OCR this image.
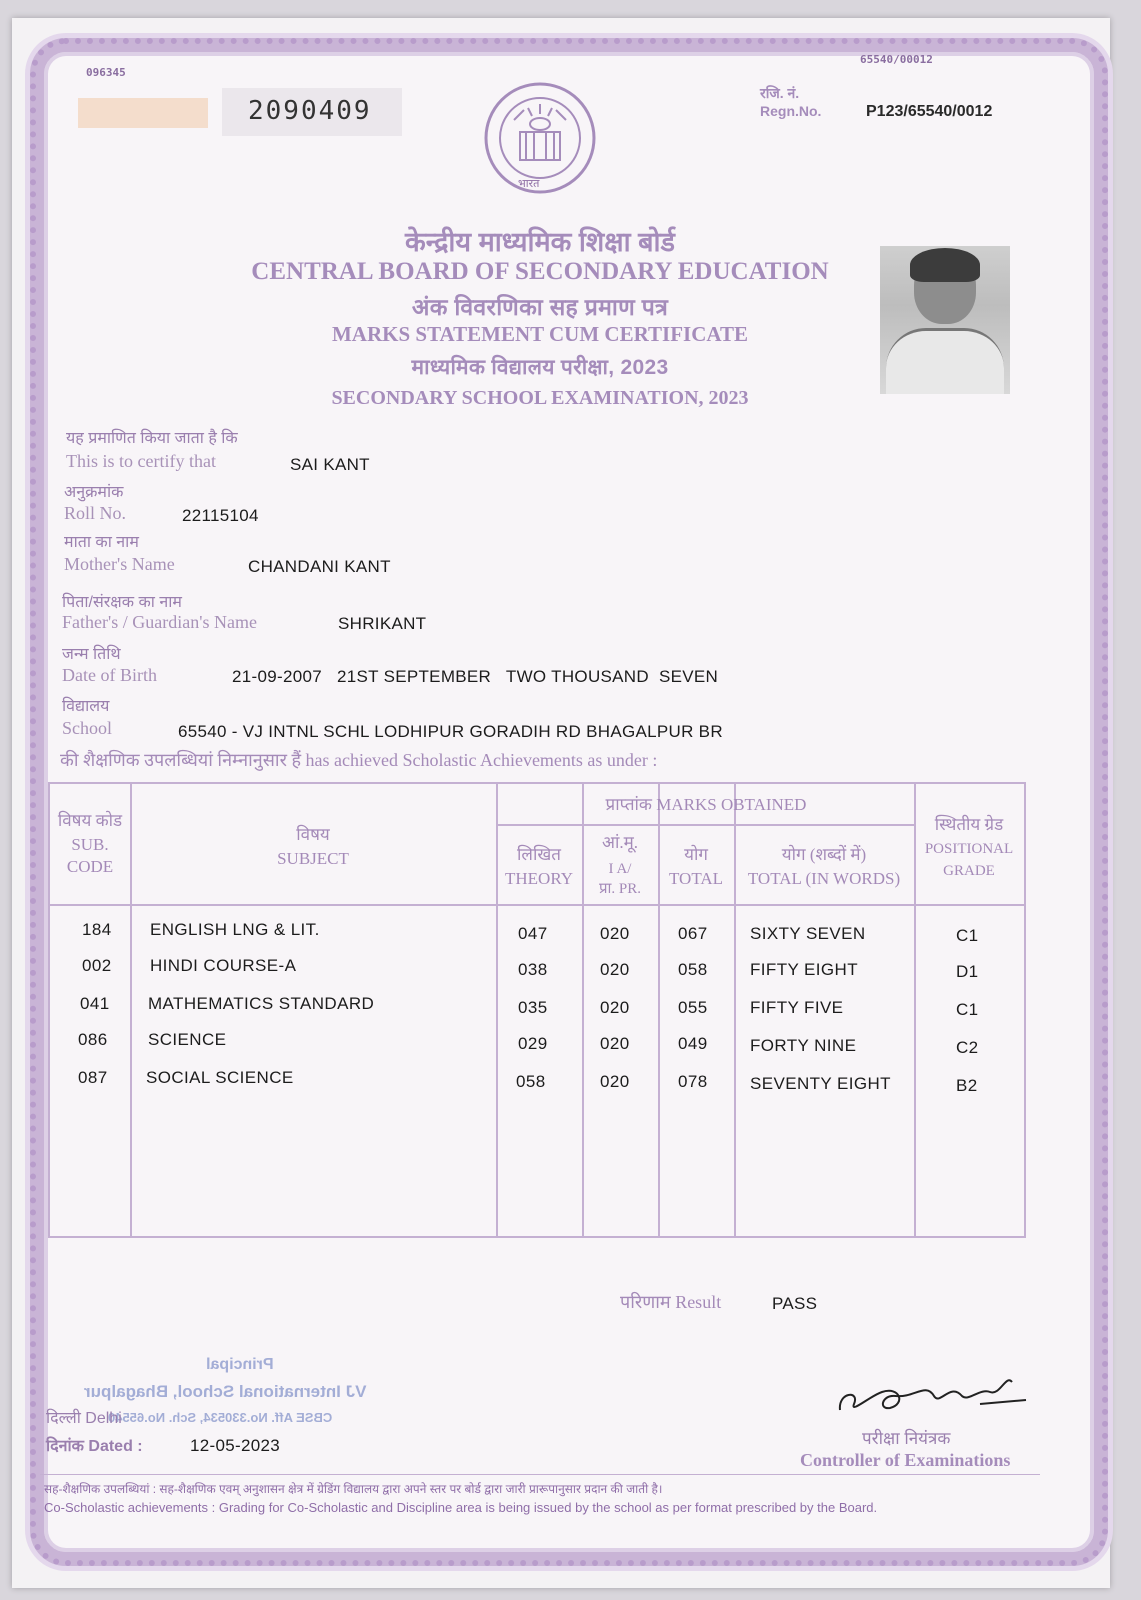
096345
65540/00012
2090409
भारत
रजि. नं.
Regn.No.	P123/65540/0012
केन्द्रीय माध्यमिक शिक्षा बोर्ड
CENTRAL BOARD OF SECONDARY EDUCATION
अंक विवरणिका सह प्रमाण पत्र
MARKS STATEMENT CUM CERTIFICATE
माध्यमिक विद्यालय परीक्षा, 2023
SECONDARY SCHOOL EXAMINATION, 2023
यह प्रमाणित किया जाता है कि
This is to certify that	SAI KANT
अनुक्रमांक
Roll No.	22115104
माता का नाम
Mother's Name	CHANDANI KANT
पिता/संरक्षक का नाम
Father's / Guardian's Name	SHRIKANT
जन्म तिथि
Date of Birth	21-09-2007   21ST SEPTEMBER   TWO THOUSAND  SEVEN
विद्यालय
School	65540 - VJ INTNL SCHL LODHIPUR GORADIH RD BHAGALPUR BR
की शैक्षणिक उपलब्धियां निम्नानुसार हैं has achieved Scholastic Achievements as under :
विषय कोड
SUB.
CODE
विषय
SUBJECT
प्राप्तांक MARKS OBTAINED
लिखित
THEORY
आं.मू.
I A/
प्रा. PR.
योग
TOTAL
योग (शब्दों में)
TOTAL (IN WORDS)
स्थितीय ग्रेड
POSITIONAL
GRADE
184 ENGLISH LNG & LIT.	047	020	067 SIXTY SEVEN	C1
002 HINDI COURSE-A	038	020	058 FIFTY EIGHT	D1
041 MATHEMATICS STANDARD	035	020	055 FIFTY FIVE	C1
086 SCIENCE	029	020	049 FORTY NINE	C2
087 SOCIAL SCIENCE	058	020	078 SEVENTY EIGHT	B2
परिणाम Result	PASS
Principal
VJ International School, Bhagalpur
CBSE Aff. No.330534, Sch. No.65540
दिल्ली Delhi
दिनांक Dated :	12-05-2023	परीक्षा नियंत्रक
Controller of Examinations
सह-शैक्षणिक उपलब्धियां : सह-शैक्षणिक एवम् अनुशासन क्षेत्र में ग्रेडिंग विद्यालय द्वारा अपने स्तर पर बोर्ड द्वारा जारी प्रारूपानुसार प्रदान की जाती है।
Co-Scholastic achievements : Grading for Co-Scholastic and Discipline area is being issued by the school as per format prescribed by the Board.
